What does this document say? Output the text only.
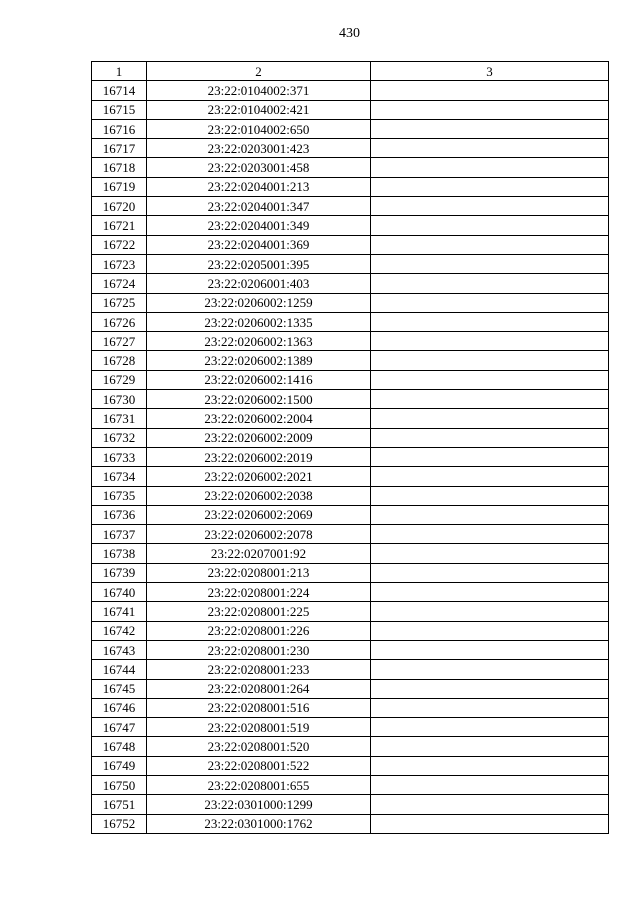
430
1	2	3
16714	23:22:0104002:371	
16715	23:22:0104002:421	
16716	23:22:0104002:650	
16717	23:22:0203001:423	
16718	23:22:0203001:458	
16719	23:22:0204001:213	
16720	23:22:0204001:347	
16721	23:22:0204001:349	
16722	23:22:0204001:369	
16723	23:22:0205001:395	
16724	23:22:0206001:403	
16725	23:22:0206002:1259	
16726	23:22:0206002:1335	
16727	23:22:0206002:1363	
16728	23:22:0206002:1389	
16729	23:22:0206002:1416	
16730	23:22:0206002:1500	
16731	23:22:0206002:2004	
16732	23:22:0206002:2009	
16733	23:22:0206002:2019	
16734	23:22:0206002:2021	
16735	23:22:0206002:2038	
16736	23:22:0206002:2069	
16737	23:22:0206002:2078	
16738	23:22:0207001:92	
16739	23:22:0208001:213	
16740	23:22:0208001:224	
16741	23:22:0208001:225	
16742	23:22:0208001:226	
16743	23:22:0208001:230	
16744	23:22:0208001:233	
16745	23:22:0208001:264	
16746	23:22:0208001:516	
16747	23:22:0208001:519	
16748	23:22:0208001:520	
16749	23:22:0208001:522	
16750	23:22:0208001:655	
16751	23:22:0301000:1299	
16752	23:22:0301000:1762	
